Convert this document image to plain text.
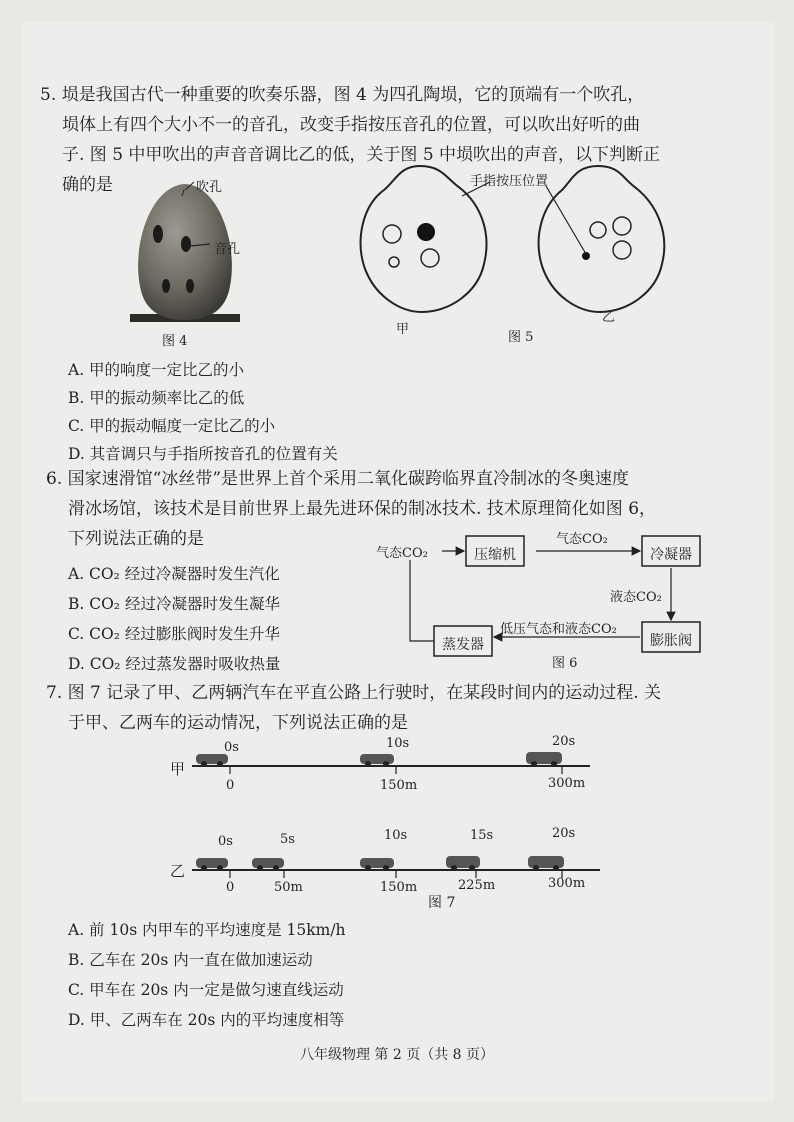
5. 埙是我国古代一种重要的吹奏乐器，图 4 为四孔陶埙，它的顶端有一个吹孔，
埙体上有四个大小不一的音孔，改变手指按压音孔的位置，可以吹出好听的曲
子. 图 5 中甲吹出的声音音调比乙的低，关于图 5 中埙吹出的声音，以下判断正
确的是	吹孔
音孔
图 4
手指按压位置
甲
图 5
乙
A. 甲的响度一定比乙的小
B. 甲的振动频率比乙的低
C. 甲的振动幅度一定比乙的小
D. 其音调只与手指所按音孔的位置有关
6. 国家速滑馆“冰丝带”是世界上首个采用二氧化碳跨临界直冷制冰的冬奥速度
滑冰场馆，该技术是目前世界上最先进环保的制冰技术. 技术原理简化如图 6，
下列说法正确的是
A. CO₂ 经过冷凝器时发生汽化
B. CO₂ 经过冷凝器时发生凝华
C. CO₂ 经过膨胀阀时发生升华
D. CO₂ 经过蒸发器时吸收热量
气态CO₂	压缩机
气态CO₂
冷凝器
液态CO₂
膨胀阀
低压气态和液态CO₂
蒸发器
图 6
7. 图 7 记录了甲、乙两辆汽车在平直公路上行驶时，在某段时间内的运动过程. 关
于甲、乙两车的运动情况，下列说法正确的是
甲
0s	10s	20s
0	150m	300m
乙
0s	5s	10s	15s	20s
0	50m	150m	225m	300m
图 7
A. 前 10s 内甲车的平均速度是 15km/h
B. 乙车在 20s 内一直在做加速运动
C. 甲车在 20s 内一定是做匀速直线运动
D. 甲、乙两车在 20s 内的平均速度相等
八年级物理 第 2 页（共 8 页）
